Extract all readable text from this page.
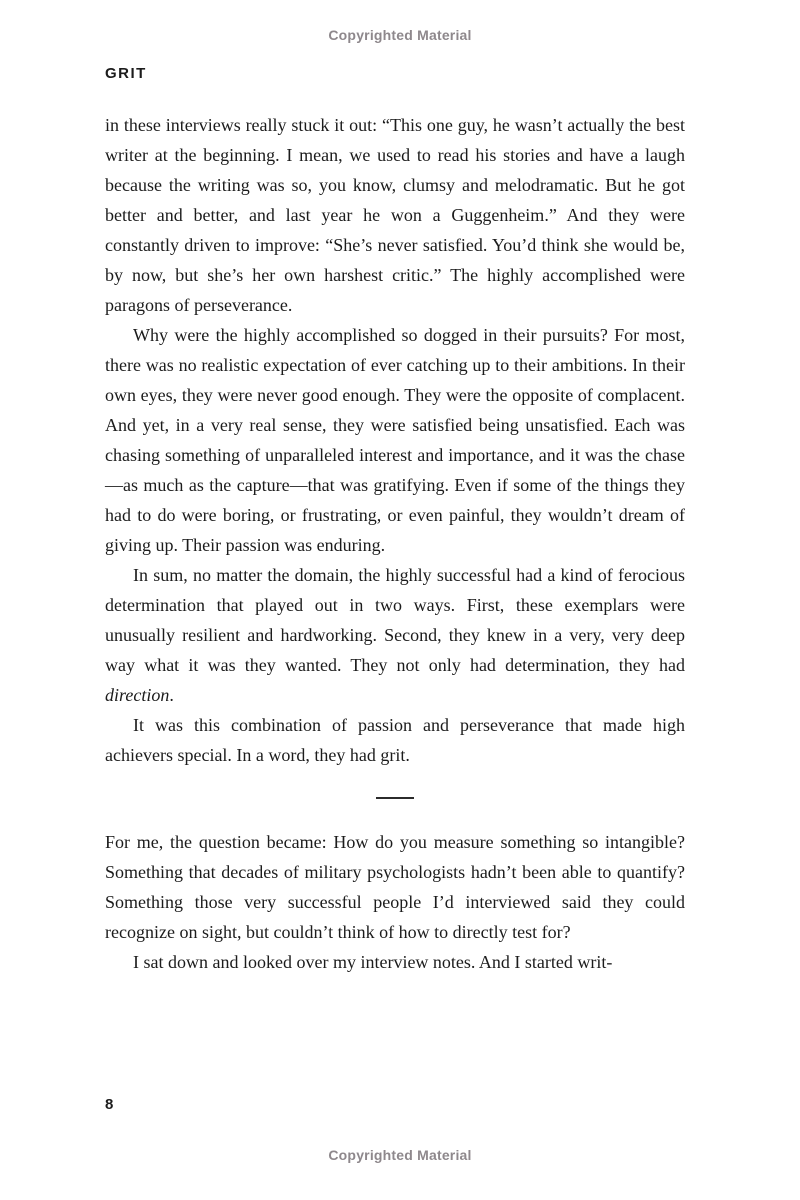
Copyrighted Material
GRIT

in these interviews really stuck it out: “This one guy, he wasn’t actually the best writer at the beginning. I mean, we used to read his stories and have a laugh because the writing was so, you know, clumsy and melodramatic. But he got better and better, and last year he won a Guggenheim.” And they were constantly driven to improve: “She’s never satisfied. You’d think she would be, by now, but she’s her own harshest critic.” The highly accomplished were paragons of perseverance.

Why were the highly accomplished so dogged in their pursuits? For most, there was no realistic expectation of ever catching up to their ambitions. In their own eyes, they were never good enough. They were the opposite of complacent. And yet, in a very real sense, they were satisfied being unsatisfied. Each was chasing something of unparalleled interest and importance, and it was the chase—as much as the capture—that was gratifying. Even if some of the things they had to do were boring, or frustrating, or even painful, they wouldn’t dream of giving up. Their passion was enduring.

In sum, no matter the domain, the highly successful had a kind of ferocious determination that played out in two ways. First, these exemplars were unusually resilient and hardworking. Second, they knew in a very, very deep way what it was they wanted. They not only had determination, they had direction.

It was this combination of passion and perseverance that made high achievers special. In a word, they had grit.

For me, the question became: How do you measure something so intangible? Something that decades of military psychologists hadn’t been able to quantify? Something those very successful people I’d interviewed said they could recognize on sight, but couldn’t think of how to directly test for?

I sat down and looked over my interview notes. And I started writ-

8
Copyrighted Material
